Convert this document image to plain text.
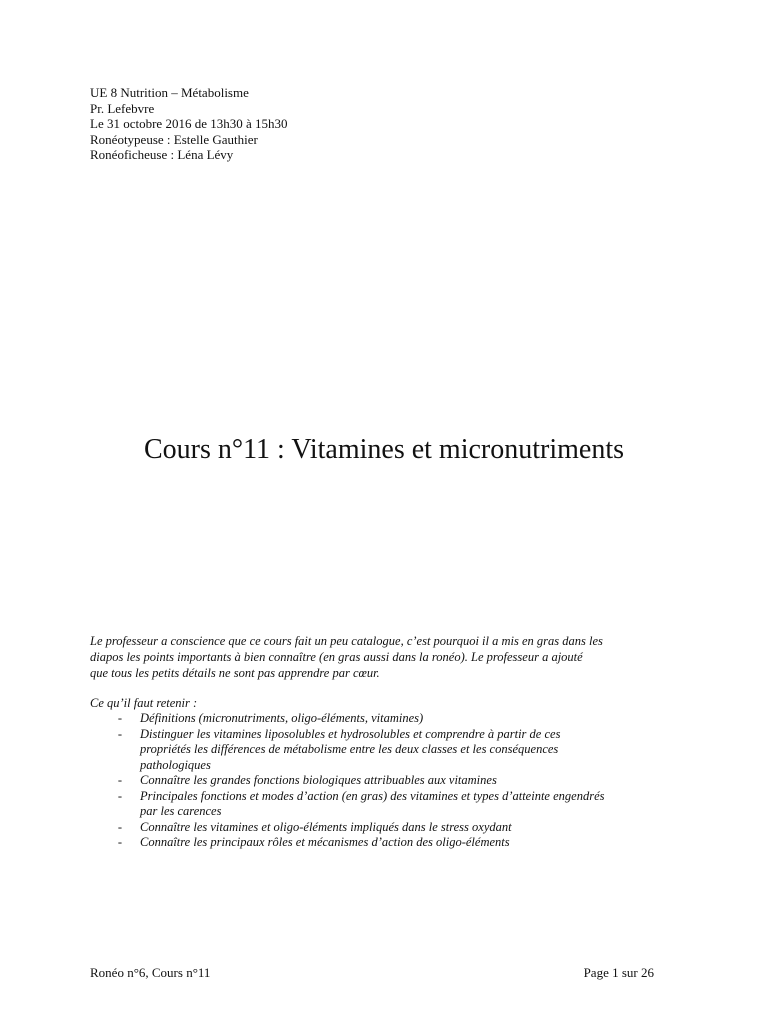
UE 8 Nutrition – Métabolisme
Pr. Lefebvre
Le 31 octobre 2016 de 13h30 à 15h30
Ronéotypeuse : Estelle Gauthier
Ronéoficheuse : Léna Lévy
Cours n°11 : Vitamines et micronutriments

Le professeur a conscience que ce cours fait un peu catalogue, c’est pourquoi il a mis en gras dans les
diapos les points importants à bien connaître (en gras aussi dans la ronéo). Le professeur a ajouté
que tous les petits détails ne sont pas apprendre par cœur.

Ce qu’il faut retenir :
-	Définitions (micronutriments, oligo-éléments, vitamines)
-	Distinguer les vitamines liposolubles et hydrosolubles et comprendre à partir de ces
propriétés les différences de métabolisme entre les deux classes et les conséquences
pathologiques
-	Connaître les grandes fonctions biologiques attribuables aux vitamines
-	Principales fonctions et modes d’action (en gras) des vitamines et types d’atteinte engendrés
par les carences
-	Connaître les vitamines et oligo-éléments impliqués dans le stress oxydant
-	Connaître les principaux rôles et mécanismes d’action des oligo-éléments
Ronéo n°6, Cours n°11	Page 1 sur 26
